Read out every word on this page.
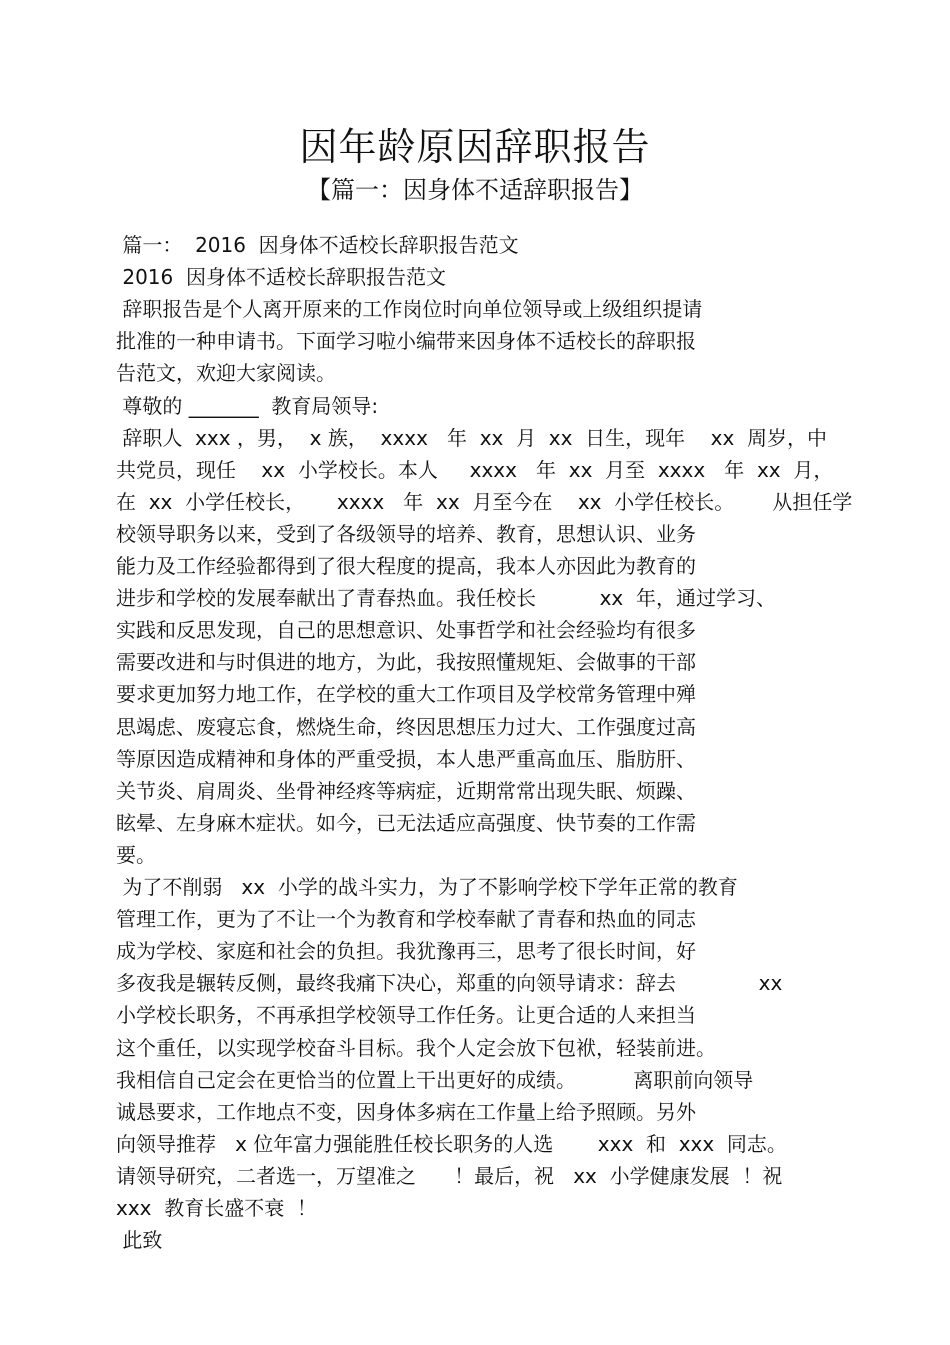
因年龄原因辞职报告
【篇一：因身体不适辞职报告】

篇一：  2016  因身体不适校长辞职报告范文

2016  因身体不适校长辞职报告范文

辞职报告是个人离开原来的工作岗位时向单位领导或上级组织提请

批准的一种申请书。下面学习啦小编带来因身体不适校长的辞职报

告范文，欢迎大家阅读。

尊敬的 _______  教育局领导:

辞职人  xxx ，男，  x 族，  xxxx   年  xx  月  xx  日生，现年    xx  周岁，中

共党员，现任    xx  小学校长。本人     xxxx   年  xx  月至  xxxx   年  xx  月，

在  xx  小学任校长，     xxxx   年  xx  月至今在    xx  小学任校长。      从担任学

校领导职务以来，受到了各级领导的培养、教育，思想认识、业务

能力及工作经验都得到了很大程度的提高，我本人亦因此为教育的

进步和学校的发展奉献出了青春热血。我任校长          xx  年，通过学习、

实践和反思发现，自己的思想意识、处事哲学和社会经验均有很多

需要改进和与时俱进的地方，为此，我按照懂规矩、会做事的干部

要求更加努力地工作，在学校的重大工作项目及学校常务管理中殚

思竭虑、废寝忘食，燃烧生命，终因思想压力过大、工作强度过高

等原因造成精神和身体的严重受损，本人患严重高血压、脂肪肝、

关节炎、肩周炎、坐骨神经疼等病症，近期常常出现失眠、烦躁、

眩晕、左身麻木症状。如今，已无法适应高强度、快节奏的工作需

要。

为了不削弱   xx  小学的战斗实力，为了不影响学校下学年正常的教育

管理工作，更为了不让一个为教育和学校奉献了青春和热血的同志

成为学校、家庭和社会的负担。我犹豫再三，思考了很长时间，好

多夜我是辗转反侧，最终我痛下决心，郑重的向领导请求：辞去             xx

小学校长职务，不再承担学校领导工作任务。让更合适的人来担当

这个重任，以实现学校奋斗目标。我个人定会放下包袱，轻装前进。

我相信自己定会在更恰当的位置上干出更好的成绩。         离职前向领导

诚恳要求，工作地点不变，因身体多病在工作量上给予照顾。另外

向领导推荐   x 位年富力强能胜任校长职务的人选       xxx  和  xxx  同志。

请领导研究，二者选一，万望准之      ！最后，祝   xx  小学健康发展  ！祝

xxx  教育长盛不衰  ！

此致
